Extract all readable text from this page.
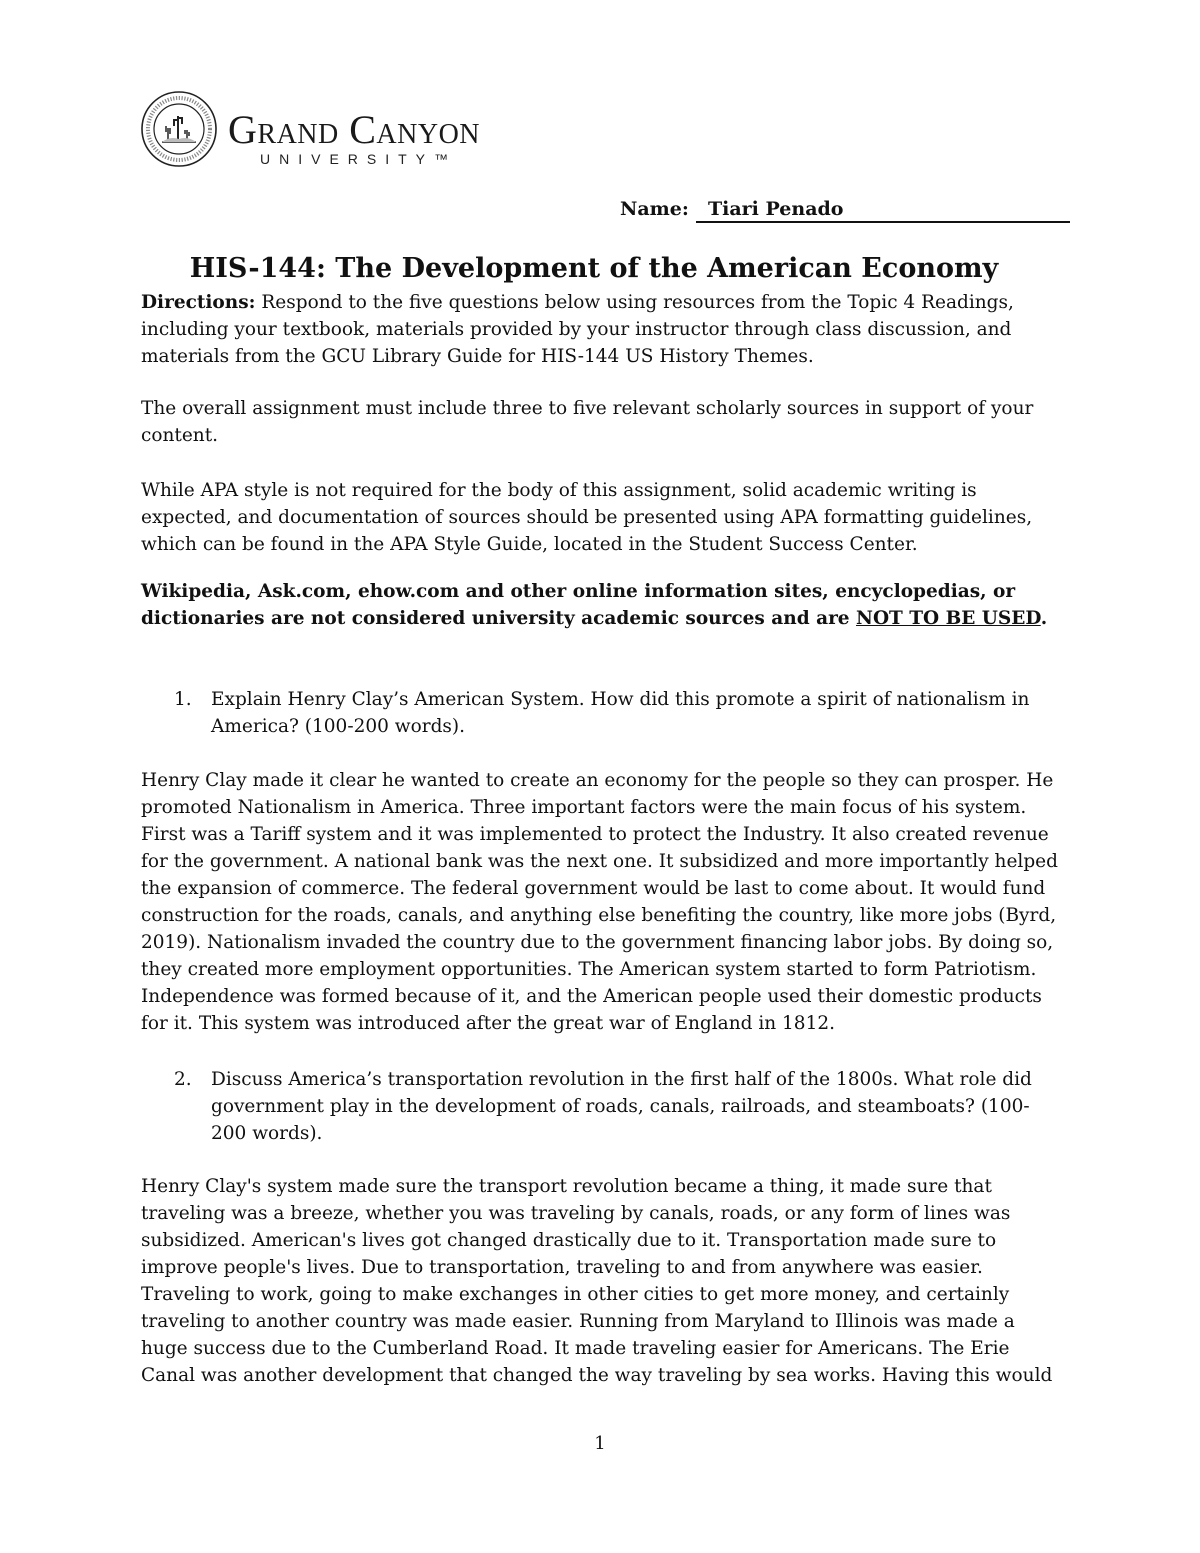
Grand Canyon
UNIVERSITY™
Name: Tiari Penado
HIS-144: The Development of the American Economy

Directions: Respond to the five questions below using resources from the Topic 4 Readings, including your textbook, materials provided by your instructor through class discussion, and materials from the GCU Library Guide for HIS-144 US History Themes.

The overall assignment must include three to five relevant scholarly sources in support of your content.

While APA style is not required for the body of this assignment, solid academic writing is expected, and documentation of sources should be presented using APA formatting guidelines, which can be found in the APA Style Guide, located in the Student Success Center.

Wikipedia, Ask.com, ehow.com and other online information sites, encyclopedias, or dictionaries are not considered university academic sources and are NOT TO BE USED.

1. Explain Henry Clay’s American System. How did this promote a spirit of nationalism in America? (100-200 words).

Henry Clay made it clear he wanted to create an economy for the people so they can prosper. He promoted Nationalism in America. Three important factors were the main focus of his system. First was a Tariff system and it was implemented to protect the Industry. It also created revenue for the government. A national bank was the next one. It subsidized and more importantly helped the expansion of commerce. The federal government would be last to come about. It would fund construction for the roads, canals, and anything else benefiting the country, like more jobs (Byrd, 2019). Nationalism invaded the country due to the government financing labor jobs. By doing so, they created more employment opportunities. The American system started to form Patriotism. Independence was formed because of it, and the American people used their domestic products for it. This system was introduced after the great war of England in 1812.

2. Discuss America’s transportation revolution in the first half of the 1800s. What role did government play in the development of roads, canals, railroads, and steamboats? (100-200 words).

Henry Clay's system made sure the transport revolution became a thing, it made sure that traveling was a breeze, whether you was traveling by canals, roads, or any form of lines was subsidized. American's lives got changed drastically due to it. Transportation made sure to improve people's lives. Due to transportation, traveling to and from anywhere was easier. Traveling to work, going to make exchanges in other cities to get more money, and certainly traveling to another country was made easier. Running from Maryland to Illinois was made a huge success due to the Cumberland Road. It made traveling easier for Americans. The Erie Canal was another development that changed the way traveling by sea works. Having this would

1
